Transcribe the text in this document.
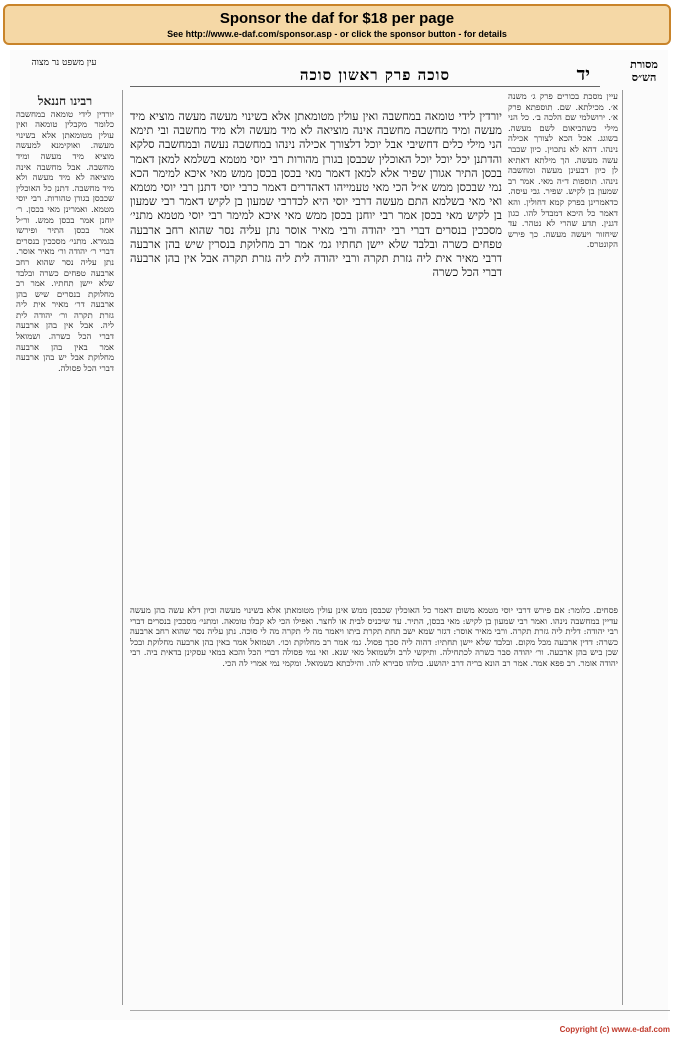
Sponsor the daf for $18 per page
See http://www.e-daf.com/sponsor.asp - or click the sponsor button - for details
יד
סוכה פרק ראשון סוכה
מסורת הש״ס
עין משפט נר מצוה
יורדין לידי טומאה במחשבה ואין עולין מטומאתן אלא בשינוי מעשה מעשה מוציא מיד מעשה ומיד מחשבה מחשבה אינה מוציאה לא מיד מעשה ולא מיד מחשבה ובי תימא הני מילי כלים דחשיבי אבל יוכל דלצורך אכילה נינהו במחשבה נעשה ובמחשבה סלקא והדתנן יכל יוכל יוכל האוכלין שכבסן בגורן מהורות רבי יוסי מטמא בשלמא למאן דאמר בכסן התיר אגורן שפיר אלא למאן דאמר מאי בכסן בכסן ממש מאי איכא למימר הכא נמי שבכסן ממש א״ל הכי מאי טעמייהו דאהדרים דאמר כרבי יוסי דתנן רבי יוסי מטמא ואי מאי בשלמא התם מעשה דרבי יוסי היא לכדרבי שמעון בן לקיש דאמר רבי שמעון בן לקיש מאי בכסן אמר רבי יוחנן בכסן ממש מאי איכא למימר רבי יוסי מטמא מתני׳ מסככין בנסרים דברי רבי יהודה ורבי מאיר אוסר נתן עליה נסר שהוא רחב ארבעה טפחים כשרה ובלבד שלא יישן תחתיו גמ׳ אמר רב מחלוקת בנסרין שיש בהן ארבעה דרבי מאיר אית ליה גזרת תקרה ורבי יהודה לית ליה גזרת תקרה אבל אין בהן ארבעה דברי הכל כשרה
עיין מסכת בכורים פרק ג׳ משנה א׳. מכילתא. שם. תוספתא פרק א׳. ירושלמי שם הלכה ב׳. כל הני מילי כשהביאום לשם מעשה. בשוגג. אכל הכא לצורך אכילה נינהו. דהא לא נתכוין. כיון שכבר עשה מעשה. הך מילתא דאתיא לן כיון דבעינן מעשה ומחשבה נינהו. תוספות ד״ה מאי. אמר רב שמעון בן לקיש. שפיר. גבי עיסה. כדאמרינן בפרק קמא דחולין. והא דאמר כל היכא דמבדל להו. כגון דגנין. תדע שהרי לא נטהר. עד שיחזור ויעשה מעשה. כך פירש הקונטרס.
רבינו חננאל
יורדין לידי טומאה במחשבה כלומר מקבלין טומאה ואין עולין מטומאתן אלא בשינוי מעשה. ואוקימנא למעשה מוציא מיד מעשה ומיד מחשבה. אבל מחשבה אינה מוציאה לא מיד מעשה ולא מיד מחשבה. דתנן כל האוכלין שכבסן בגורן טהורות. רבי יוסי מטמא. ואמרינן מאי בכסן. ר׳ יוחנן אמר בכסן ממש. ור״ל אמר בכסן התיר ופירשו בגמרא. מתני׳ מסככין בנסרים דברי ר׳ יהודה ור׳ מאיר אוסר. נתן עליה נסר שהוא רחב ארבעה טפחים כשרה ובלבד שלא יישן תחתיו. אמר רב מחלוקת בנסרים שיש בהן ארבעה דר׳ מאיר אית ליה גזרת תקרה ור׳ יהודה לית ליה. אבל אין בהן ארבעה דברי הכל כשרה. ושמואל אמר באין בהן ארבעה מחלוקת אבל יש בהן ארבעה דברי הכל פסולה.
פסחים. כלומר: אם פירש דרבי יוסי מטמא משום דאמר כל האוכלין שכבסן ממש אינן עולין מטומאתן אלא בשינוי מעשה וכיון דלא עשה בהן מעשה עדיין במחשבה נינהו. ואמר רבי שמעון בן לקיש: מאי בכסן, התיר. עד שיכניס לבית או לחצר. ואפילו הכי לא קבלו טומאה. ומתני׳ מסככין בנסרים דברי רבי יהודה: דלית ליה גזרת תקרה. ורבי מאיר אוסר: דגזר שמא ישב תחת תקרת ביתו ויאמר מה לי תקרה מה לי סוכה. נתן עליה נסר שהוא רחב ארבעה כשרה: דדין ארבעה מכל מקום. ובלבד שלא יישן תחתיו: דהוה ליה סכך פסול. גמ׳ אמר רב מחלוקת וכו׳. ושמואל אמר באין בהן ארבעה מחלוקת ובכל שכן ביש בהן ארבעה. ור׳ יהודה סבר כשרה לכתחילה. ותיקשי לרב ולשמואל מאי שנא. ואי נמי פסולה דברי הכל והכא במאי עסקינן בדאית ביה. רבי יהודה אומר. רב פפא אמר. אמר רב הונא בריה דרב יהושע. כולהו סבירא להו. והילכתא כשמואל. ומקמי נמי אמרי לה הכי.
Copyright (c) www.e-daf.com
